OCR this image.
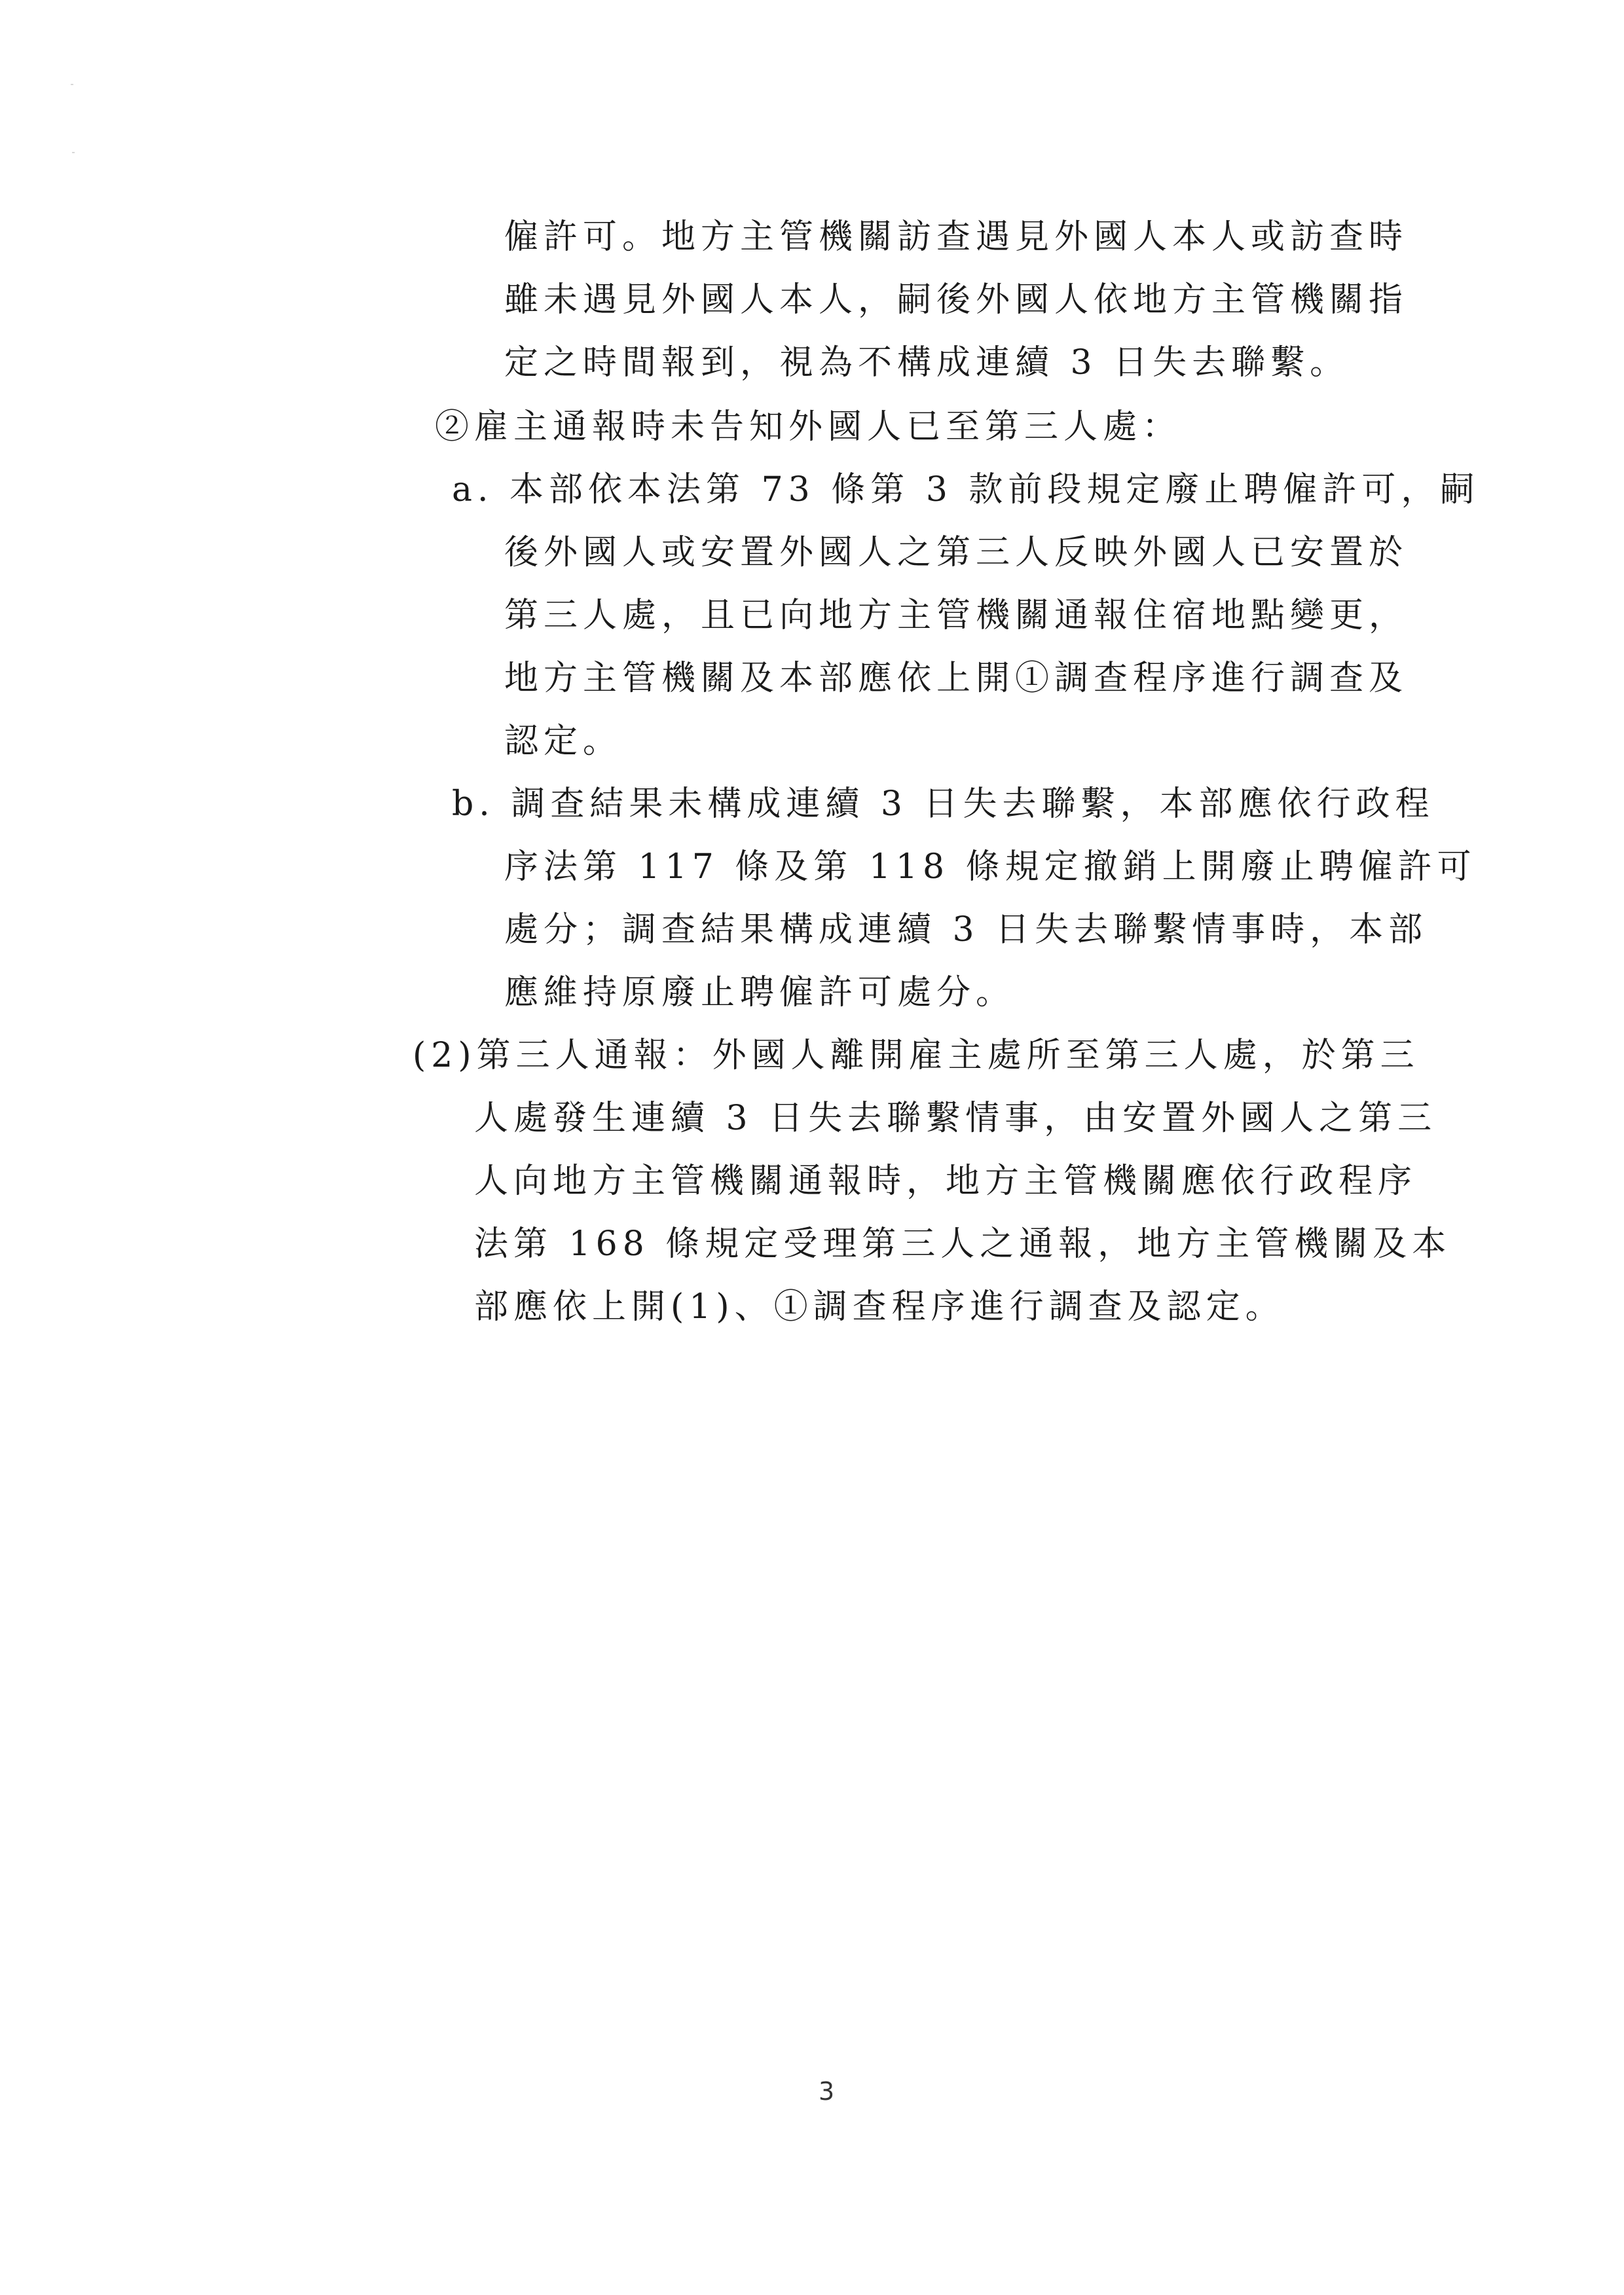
僱許可。地方主管機關訪查遇見外國人本人或訪查時
雖未遇見外國人本人，嗣後外國人依地方主管機關指
定之時間報到，視為不構成連續 3 日失去聯繫。
②雇主通報時未告知外國人已至第三人處：
a. 本部依本法第 73 條第 3 款前段規定廢止聘僱許可，嗣
後外國人或安置外國人之第三人反映外國人已安置於
第三人處，且已向地方主管機關通報住宿地點變更，
地方主管機關及本部應依上開①調查程序進行調查及
認定。
b. 調查結果未構成連續 3 日失去聯繫，本部應依行政程
序法第 117 條及第 118 條規定撤銷上開廢止聘僱許可
處分；調查結果構成連續 3 日失去聯繫情事時，本部
應維持原廢止聘僱許可處分。
(2)第三人通報：外國人離開雇主處所至第三人處，於第三
人處發生連續 3 日失去聯繫情事，由安置外國人之第三
人向地方主管機關通報時，地方主管機關應依行政程序
法第 168 條規定受理第三人之通報，地方主管機關及本
部應依上開(1)、①調查程序進行調查及認定。
3
